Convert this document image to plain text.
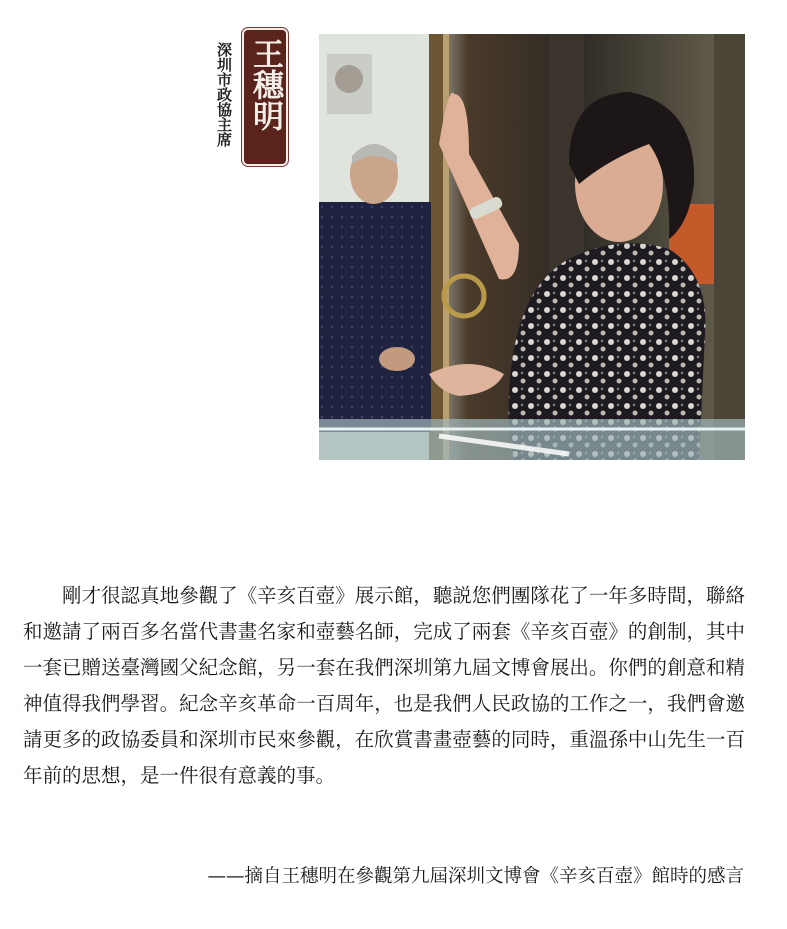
深圳市政協主席 王穗明

剛才很認真地參觀了《辛亥百壺》展示館，聽説您們團隊花了一年多時間，聯絡和邀請了兩百多名當代書畫名家和壺藝名師，完成了兩套《辛亥百壺》的創制，其中一套已贈送臺灣國父紀念館，另一套在我們深圳第九屆文博會展出。你們的創意和精神值得我們學習。紀念辛亥革命一百周年，也是我們人民政協的工作之一，我們會邀請更多的政協委員和深圳市民來參觀，在欣賞書畫壺藝的同時，重溫孫中山先生一百年前的思想，是一件很有意義的事。

——摘自王穗明在參觀第九屆深圳文博會《辛亥百壺》館時的感言
